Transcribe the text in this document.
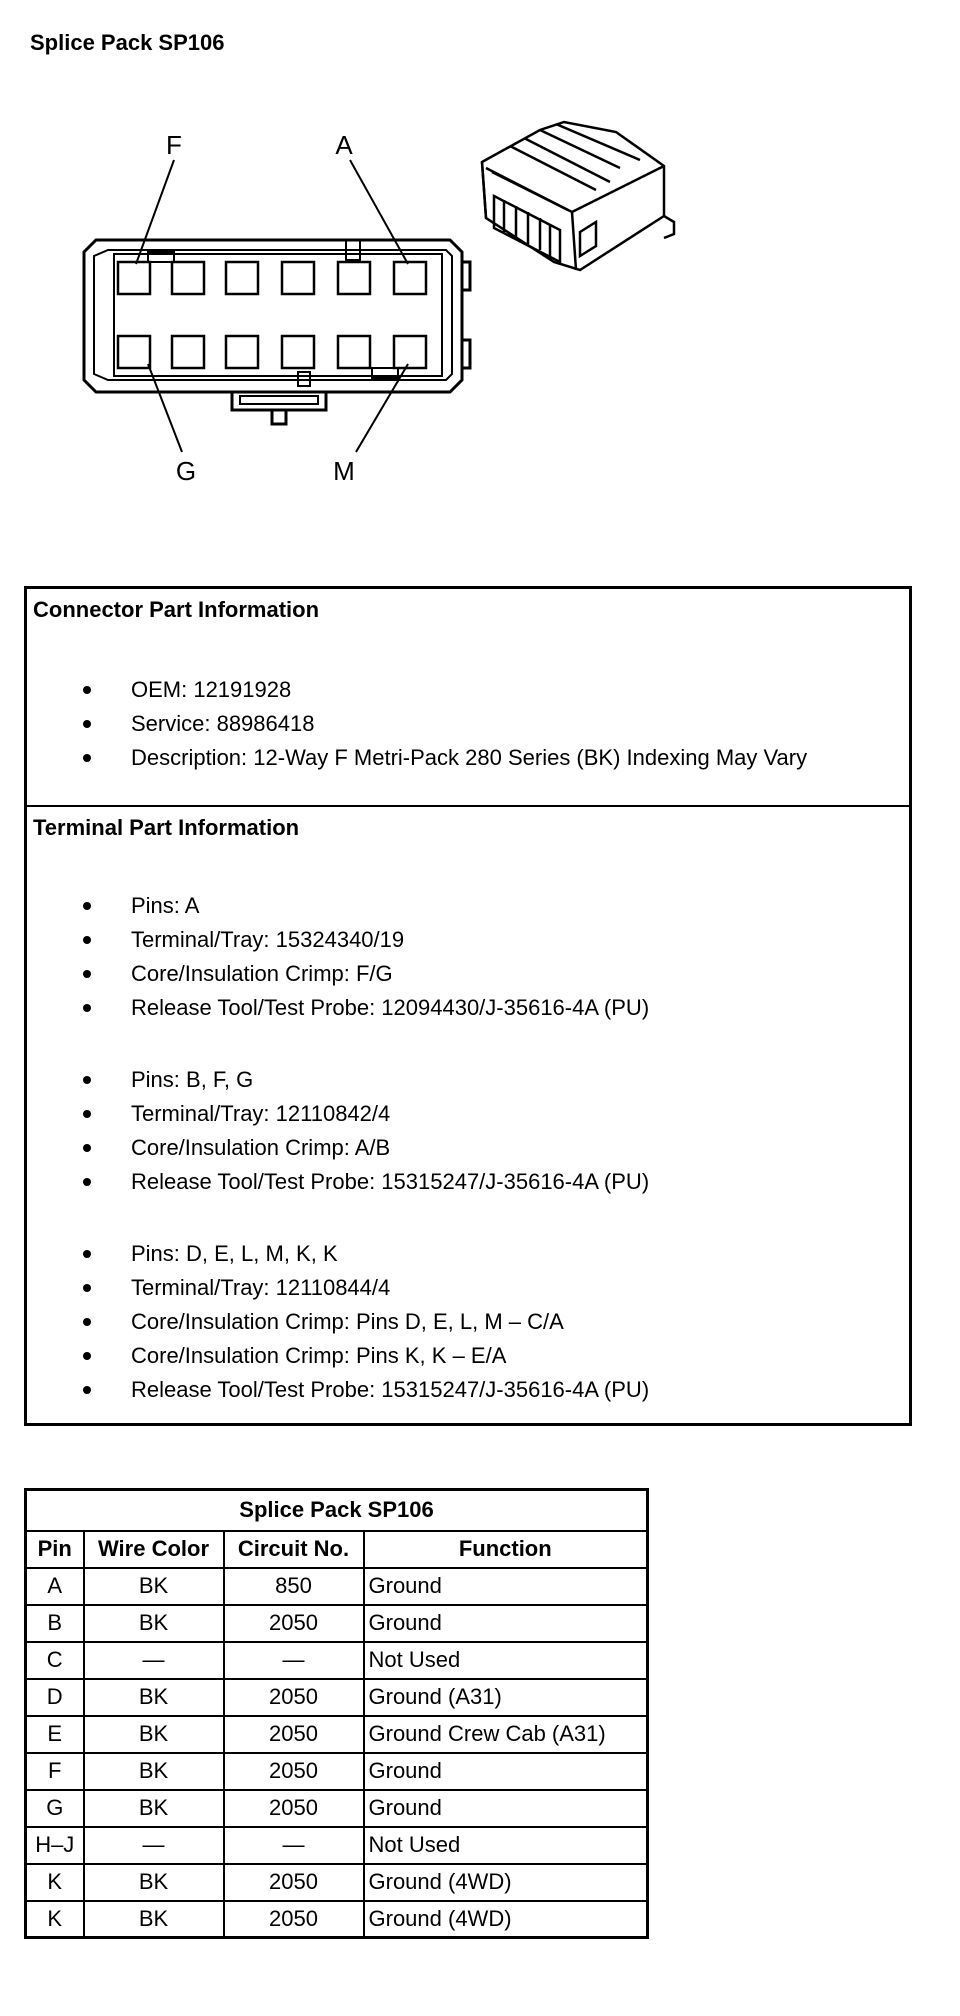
Splice Pack SP106
F	A
G	M
Connector Part Information
OEM: 12191928
Service: 88986418
Description: 12-Way F Metri-Pack 280 Series (BK) Indexing May Vary
Terminal Part Information
Pins: A
Terminal/Tray: 15324340/19
Core/Insulation Crimp: F/G
Release Tool/Test Probe: 12094430/J-35616-4A (PU)
Pins: B, F, G
Terminal/Tray: 12110842/4
Core/Insulation Crimp: A/B
Release Tool/Test Probe: 15315247/J-35616-4A (PU)
Pins: D, E, L, M, K, K
Terminal/Tray: 12110844/4
Core/Insulation Crimp: Pins D, E, L, M – C/A
Core/Insulation Crimp: Pins K, K – E/A
Release Tool/Test Probe: 15315247/J-35616-4A (PU)
Splice Pack SP106			
Pin	Wire Color	Circuit No.	Function
A	BK	850	Ground
B	BK	2050	Ground
C	—	—	Not Used
D	BK	2050	Ground (A31)
E	BK	2050	Ground Crew Cab (A31)
F	BK	2050	Ground
G	BK	2050	Ground
H–J	—	—	Not Used
K	BK	2050	Ground (4WD)
K	BK	2050	Ground (4WD)
